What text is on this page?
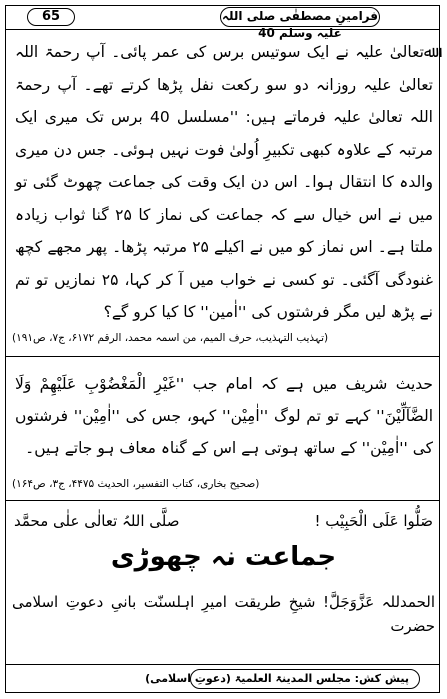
65	فرامینِ مصطفٰی صلی اللہ علیہ وسلم 40
ﷲتعالیٰ علیہ نے ایک سوتیس برس کی عمر پائی۔ آپ رحمۃ اللہ تعالیٰ علیہ روزانہ دو سو رکعت نفل پڑھا کرتے تھے۔ آپ رحمۃ اللہ تعالیٰ علیہ فرماتے ہیں: ''مسلسل 40 برس تک میری ایک مرتبہ کے علاوہ کبھی تکبیرِ اُولیٰ فوت نہیں ہوئی۔ جس دن میری والدہ کا انتقال ہوا۔ اس دن ایک وقت کی جماعت چھوٹ گئی تو میں نے اس خیال سے کہ جماعت کی نماز کا ۲۵ گنا ثواب زیادہ ملتا ہے۔ اس نماز کو میں نے اکیلے ۲۵ مرتبہ پڑھا۔ پھر مجھے کچھ غنودگی آگئی۔ تو کسی نے خواب میں آ کر کہا، ۲۵ نمازیں تو تم نے پڑھ لیں مگر فرشتوں کی ''اٰمین'' کا کیا کرو گے؟
(تہذیب التہذیب، حرف المیم، من اسمہ محمد، الرقم ۶۱۷۲، ج۷، ص۱۹۱)
حدیث شریف میں ہے کہ امام جب ''غَیْرِ الْمَغْضُوْبِ عَلَیْهِمْ وَلَا الضَّآلِّیْنَ'' کہے تو تم لوگ ''اٰمِیْن'' کہو، جس کی ''اٰمِیْن'' فرشتوں کی ''اٰمِیْن'' کے ساتھ ہوتی ہے اس کے گناہ معاف ہو جاتے ہیں۔
(صحیح بخاری، کتاب التفسیر، الحدیث ۴۴۷۵، ج۳، ص۱۶۴)
صَلُّوا عَلَی الْحَبِیْب !
صلَّی اللہُ تعالٰی علٰی محمَّد
جماعت نہ چھوڑی
الحمدللہ عَزَّوَجَلَّ! شیخِ طریقت امیرِ اہلسنّت بانیِ دعوتِ اسلامی حضرت
پیش کش: مجلس المدینۃ العلمیۃ (دعوتِ اسلامی)
